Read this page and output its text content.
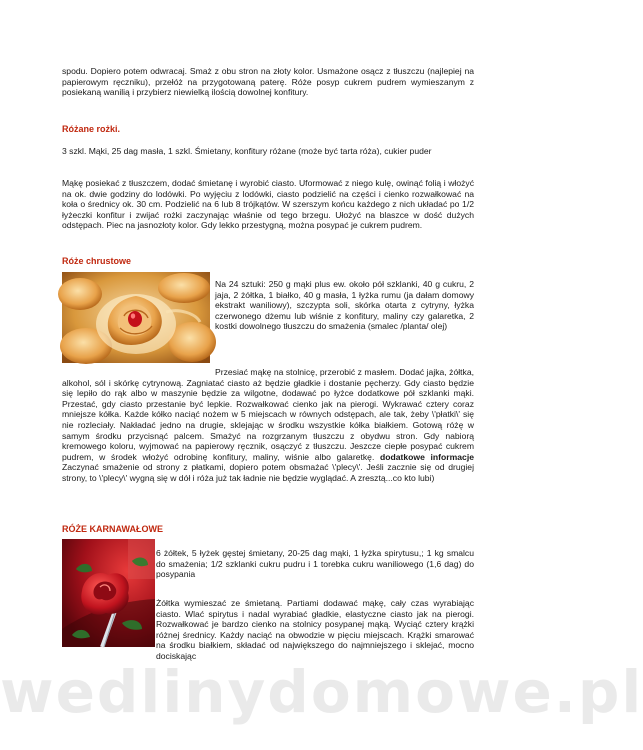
spodu. Dopiero potem odwracaj. Smaż z obu stron na złoty kolor. Usmażone osącz z tłuszczu (najlepiej na papierowym ręczniku), przełóż na przygotowaną paterę. Róże posyp cukrem pudrem wymieszanym z posiekaną wanilią i przybierz niewielką ilością dowolnej konfitury.

Różane rożki.

3 szkl. Mąki, 25 dag masła, 1 szkl. Śmietany, konfitury różane (może być tarta róża), cukier puder

Mąkę posiekać z tłuszczem, dodać śmietanę i wyrobić ciasto. Uformować z niego kulę, owinąć folią i włożyć na ok. dwie godziny do lodówki. Po wyjęciu z lodówki, ciasto podzielić na części i cienko rozwałkować na koła o średnicy ok. 30 cm. Podzielić na 6 lub 8 trójkątów. W szerszym końcu każdego z nich układać po 1/2 łyżeczki konfitur i zwijać rożki zaczynając właśnie od tego brzegu. Ułożyć na blaszce w dość dużych odstępach. Piec na jasnozłoty kolor. Gdy lekko przestygną, można posypać je cukrem pudrem.

Róże chrustowe

Na 24 sztuki: 250 g mąki plus ew. około pół szklanki, 40 g cukru, 2 jaja, 2 żółtka, 1 białko, 40 g masła, 1 łyżka rumu (ja dałam domowy ekstrakt waniliowy), szczypta soli, skórka otarta z cytryny, łyżka czerwonego dżemu lub wiśnie z konfitury, maliny czy galaretka, 2 kostki dowolnego tłuszczu do smażenia (smalec /planta/ olej)

Przesiać mąkę na stolnicę, przerobić z masłem. Dodać jajka, żółtka, alkohol, sól i skórkę cytrynową. Zagniatać ciasto aż będzie gładkie i dostanie pęcherzy. Gdy ciasto będzie się lepiło do rąk albo w maszynie będzie za wilgotne, dodawać po łyżce dodatkowe pół szklanki mąki. Przestać, gdy ciasto przestanie być lepkie. Rozwałkować cienko jak na pierogi. Wykrawać cztery coraz mniejsze kółka. Każde kółko naciąć nożem w 5 miejscach w równych odstępach, ale tak, żeby \'płatki\' się nie rozleciały. Nakładać jedno na drugie, sklejając w środku wszystkie kółka białkiem. Gotową różę w samym środku przycisnąć palcem. Smażyć na rozgrzanym tłuszczu z obydwu stron. Gdy nabiorą kremowego koloru, wyjmować na papierowy ręcznik, osączyć z tłuszczu. Jeszcze ciepłe posypać cukrem pudrem, w środek włożyć odrobinę konfitury, maliny, wiśnie albo galaretkę. dodatkowe informacje Zaczynać smażenie od strony z płatkami, dopiero potem obsmażać \'plecy\'. Jeśli zacznie się od drugiej strony, to \'plecy\' wygną się w dół i róża już tak ładnie nie będzie wyglądać. A zresztą...co kto lubi)

RÓŻE KARNAWAŁOWE

6 żółtek, 5 łyżek gęstej śmietany, 20-25 dag mąki, 1 łyżka spirytusu,; 1 kg smalcu do smażenia; 1/2 szklanki cukru pudru i 1 torebka cukru waniliowego (1,6 dag) do posypania

Żółtka wymieszać ze śmietaną. Partiami dodawać mąkę, cały czas wyrabiając ciasto. Wlać spirytus i nadal wyrabiać gładkie, elastyczne ciasto jak na pierogi. Rozwałkować je bardzo cienko na stolnicy posypanej mąką. Wyciąć cztery krążki różnej średnicy. Każdy naciąć na obwodzie w pięciu miejscach. Krążki smarować na środku białkiem, składać od największego do najmniejszego i sklejać, mocno dociskając

wedlinydomowe.pl
